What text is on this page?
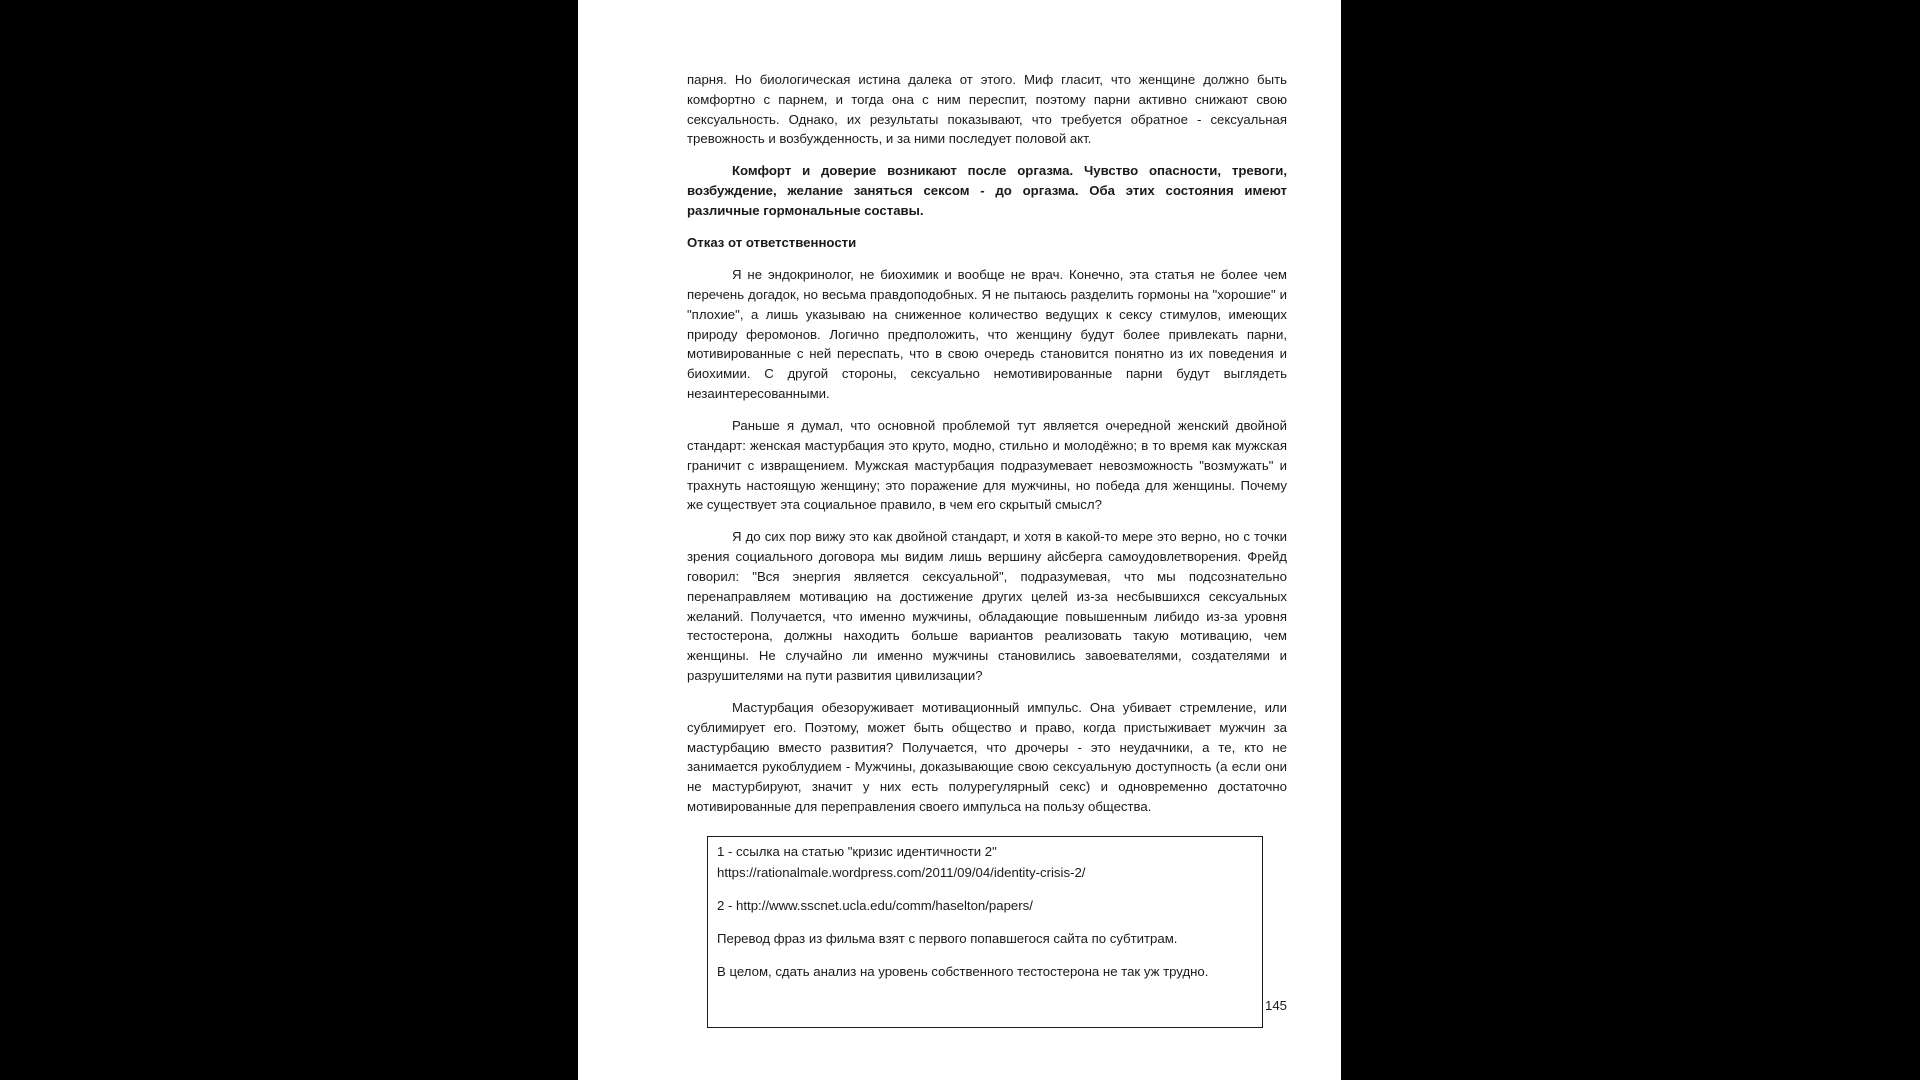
парня. Но биологическая истина далека от этого. Миф гласит, что женщине должно быть комфортно с парнем, и тогда она с ним переспит, поэтому парни активно снижают свою сексуальность. Однако, их результаты показывают, что требуется обратное - сексуальная тревожность и возбужденность, и за ними последует половой акт.

Комфорт и доверие возникают после оргазма. Чувство опасности, тревоги, возбуждение, желание заняться сексом - до оргазма. Оба этих состояния имеют различные гормональные составы.

Отказ от ответственности

Я не эндокринолог, не биохимик и вообще не врач. Конечно, эта статья не более чем перечень догадок, но весьма правдоподобных. Я не пытаюсь разделить гормоны на "хорошие" и "плохие", а лишь указываю на сниженное количество ведущих к сексу стимулов, имеющих природу феромонов. Логично предположить, что женщину будут более привлекать парни, мотивированные с ней переспать, что в свою очередь становится понятно из их поведения и биохимии. С другой стороны, сексуально немотивированные парни будут выглядеть незаинтересованными.

Раньше я думал, что основной проблемой тут является очередной женский двойной стандарт: женская мастурбация это круто, модно, стильно и молодёжно; в то время как мужская граничит с извращением. Мужская мастурбация подразумевает невозможность "возмужать" и трахнуть настоящую женщину; это поражение для мужчины, но победа для женщины. Почему же существует эта социальное правило, в чем его скрытый смысл?

Я до сих пор вижу это как двойной стандарт, и хотя в какой-то мере это верно, но с точки зрения социального договора мы видим лишь вершину айсберга самоудовлетворения. Фрейд говорил: "Вся энергия является сексуальной", подразумевая, что мы подсознательно перенаправляем мотивацию на достижение других целей из-за несбывшихся сексуальных желаний. Получается, что именно мужчины, обладающие повышенным либидо из-за уровня тестостерона, должны находить больше вариантов реализовать такую мотивацию, чем женщины. Не случайно ли именно мужчины становились завоевателями, создателями и разрушителями на пути развития цивилизации?

Мастурбация обезоруживает мотивационный импульс. Она убивает стремление, или сублимирует его. Поэтому, может быть общество и право, когда пристыживает мужчин за мастурбацию вместо развития? Получается, что дрочеры - это неудачники, а те, кто не занимается рукоблудием - Мужчины, доказывающие свою сексуальную доступность (а если они не мастурбируют, значит у них есть полурегулярный секс) и одновременно достаточно мотивированные для переправления своего импульса на пользу общества.

1 - ссылка на статью "кризис идентичности 2"
https://rationalmale.wordpress.com/2011/09/04/identity-crisis-2/
2 - http://www.sscnet.ucla.edu/comm/haselton/papers/
Перевод фраз из фильма взят с первого попавшегося сайта по субтитрам.
В целом, сдать анализ на уровень собственного тестостерона не так уж трудно.
145
